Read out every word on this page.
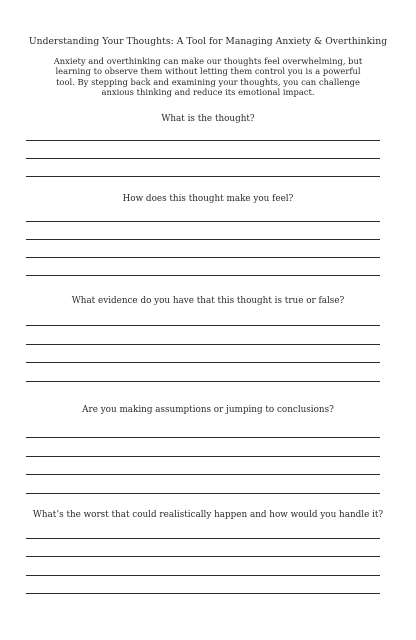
Understanding Your Thoughts: A Tool for Managing Anxiety & Overthinking
Anxiety and overthinking can make our thoughts feel overwhelming, but learning to observe them without letting them control you is a powerful tool. By stepping back and examining your thoughts, you can challenge anxious thinking and reduce its emotional impact.
What is the thought?
How does this thought make you feel?
What evidence do you have that this thought is true or false?
Are you making assumptions or jumping to conclusions?
What’s the worst that could realistically happen and how would you handle it?
